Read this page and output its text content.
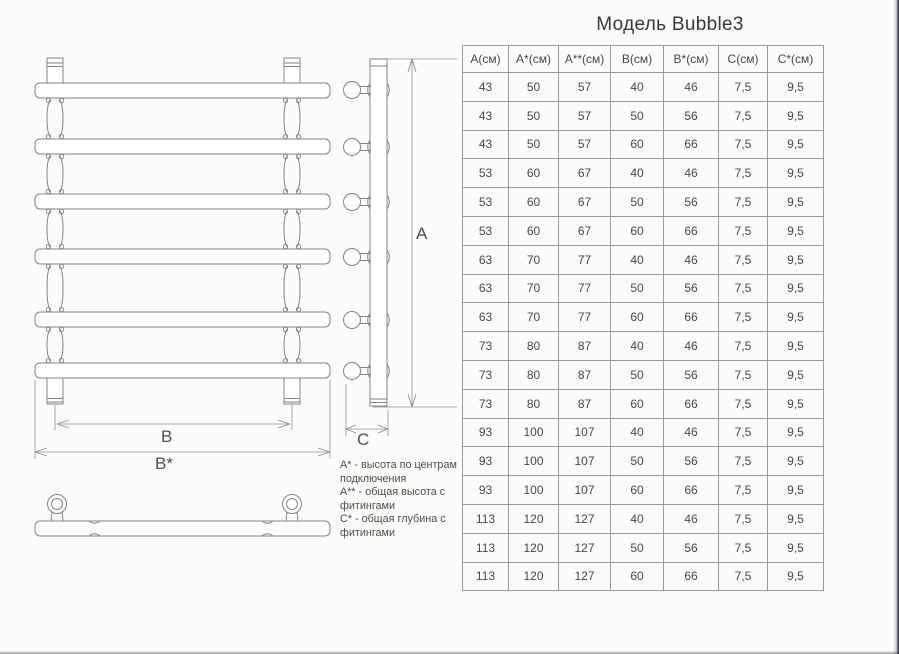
В
В*
А
С

А* - высота по центрам подключения

А** - общая высота с фитингами

С* - общая глубина с фитингами

Модель Bubble3
А(см)	А*(см)	А**(см)	В(см)	В*(см)	С(см)	С*(см)
43	50	57	40	46	7,5	9,5
43	50	57	50	56	7,5	9,5
43	50	57	60	66	7,5	9,5
53	60	67	40	46	7,5	9,5
53	60	67	50	56	7,5	9,5
53	60	67	60	66	7,5	9,5
63	70	77	40	46	7,5	9,5
63	70	77	50	56	7,5	9,5
63	70	77	60	66	7,5	9,5
73	80	87	40	46	7,5	9,5
73	80	87	50	56	7,5	9,5
73	80	87	60	66	7,5	9,5
93	100	107	40	46	7,5	9,5
93	100	107	50	56	7,5	9,5
93	100	107	60	66	7,5	9,5
113	120	127	40	46	7,5	9,5
113	120	127	50	56	7,5	9,5
113	120	127	60	66	7,5	9,5
